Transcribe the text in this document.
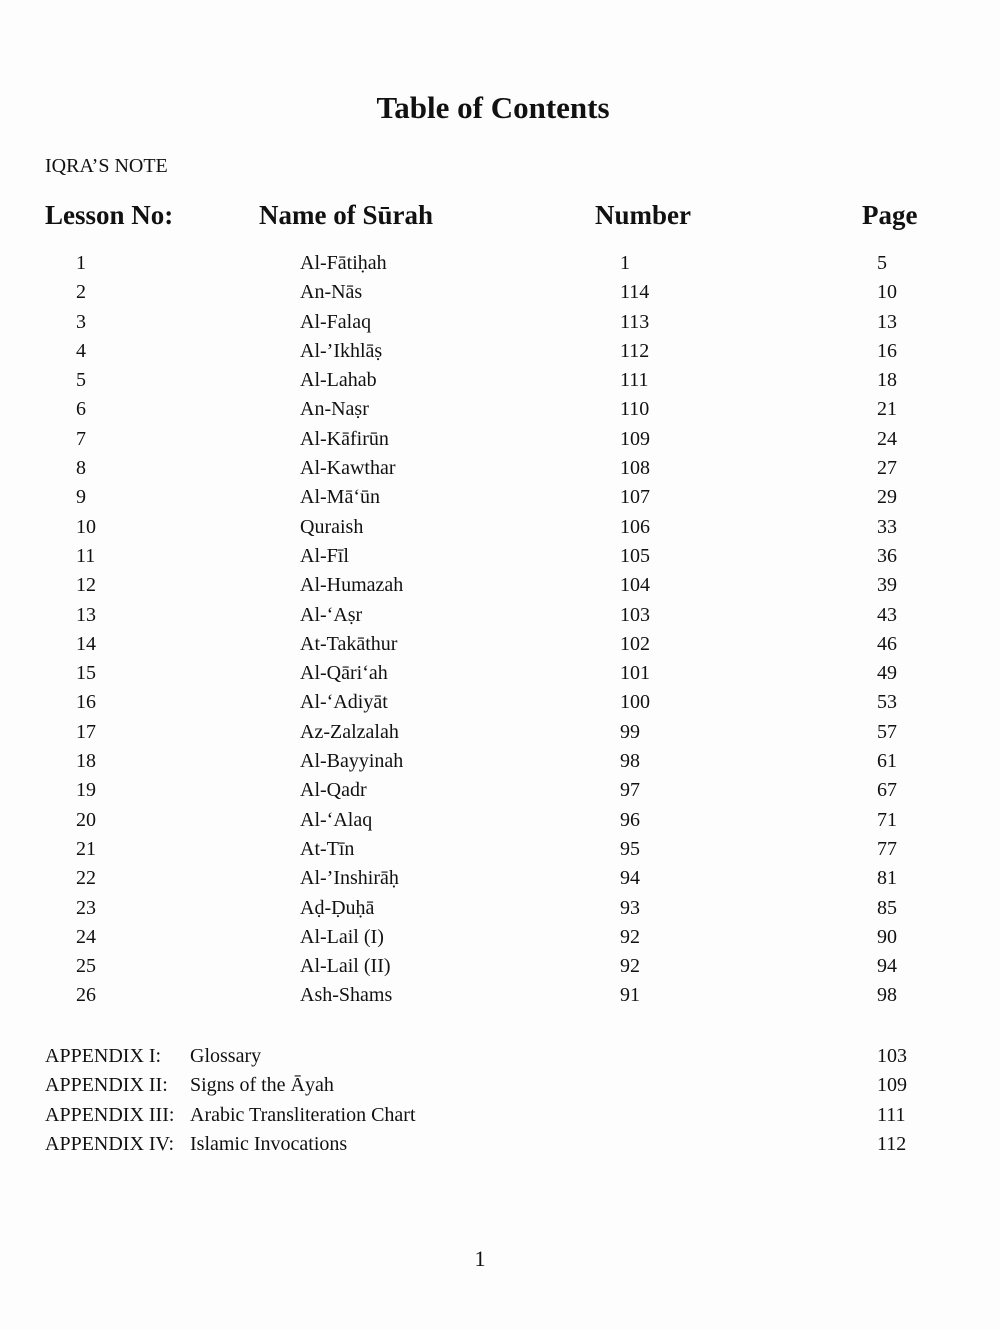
Table of Contents
IQRA’S NOTE
Lesson No:	Name of Sūrah	Number	Page
1	Al-Fātiḥah	1	5
2	An-Nās	114	10
3	Al-Falaq	113	13
4	Al-’Ikhlāṣ	112	16
5	Al-Lahab	111	18
6	An-Naṣr	110	21
7	Al-Kāfirūn	109	24
8	Al-Kawthar	108	27
9	Al-Mā‘ūn	107	29
10	Quraish	106	33
11	Al-Fīl	105	36
12	Al-Humazah	104	39
13	Al-‘Aṣr	103	43
14	At-Takāthur	102	46
15	Al-Qāri‘ah	101	49
16	Al-‘Adiyāt	100	53
17	Az-Zalzalah	99	57
18	Al-Bayyinah	98	61
19	Al-Qadr	97	67
20	Al-‘Alaq	96	71
21	At-Tīn	95	77
22	Al-’Inshirāḥ	94	81
23	Aḍ-Ḍuḥā	93	85
24	Al-Lail (I)	92	90
25	Al-Lail (II)	92	94
26	Ash-Shams	91	98
APPENDIX I: Glossary	103
APPENDIX II: Signs of the Āyah	109
APPENDIX III: Arabic Transliteration Chart	111
APPENDIX IV: Islamic Invocations	112
1
